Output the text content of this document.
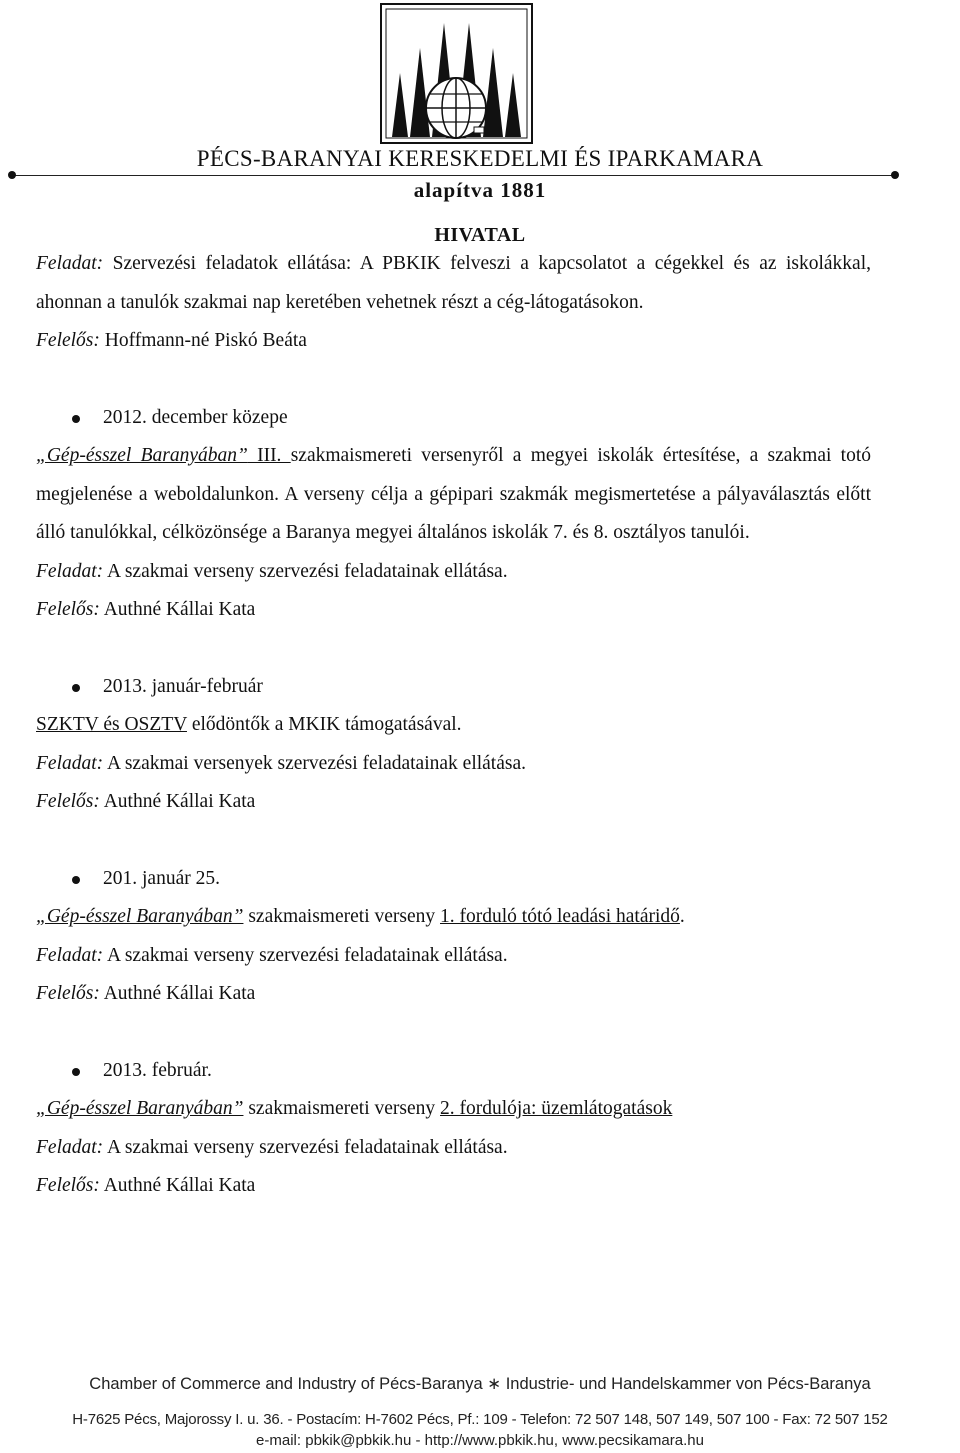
PÉCS-BARANYAI KERESKEDELMI ÉS IPARKAMARA
alapítva 1881
HIVATAL

Feladat: Szervezési feladatok ellátása: A PBKIK felveszi a kapcsolatot a cégekkel és az iskolákkal, ahonnan a tanulók szakmai nap keretében vehetnek részt a cég-látogatásokon.

Felelős: Hoffmann-né Piskó Beáta

2012. december közepe

„Gép-ésszel Baranyában” III. szakmaismereti versenyről a megyei iskolák értesítése, a szakmai totó megjelenése a weboldalunkon. A verseny célja a gépipari szakmák megismertetése a pályaválasztás előtt álló tanulókkal, célközönsége a Baranya megyei általános iskolák 7. és 8. osztályos tanulói.

Feladat: A szakmai verseny szervezési feladatainak ellátása.

Felelős: Authné Kállai Kata

2013. január-február

SZKTV és OSZTV elődöntők a MKIK támogatásával.

Feladat: A szakmai versenyek szervezési feladatainak ellátása.

Felelős: Authné Kállai Kata

201. január 25.

„Gép-ésszel Baranyában” szakmaismereti verseny 1. forduló tótó leadási határidő.

Feladat: A szakmai verseny szervezési feladatainak ellátása.

Felelős: Authné Kállai Kata

2013. február.

„Gép-ésszel Baranyában” szakmaismereti verseny 2. fordulója: üzemlátogatások

Feladat: A szakmai verseny szervezési feladatainak ellátása.

Felelős: Authné Kállai Kata

Chamber of Commerce and Industry of Pécs-Baranya ∗ Industrie- und Handelskammer von Pécs-Baranya
H-7625 Pécs, Majorossy I. u. 36. - Postacím: H-7602 Pécs, Pf.: 109 - Telefon: 72 507 148, 507 149, 507 100 - Fax: 72 507 152
e-mail: pbkik@pbkik.hu - http://www.pbkik.hu, www.pecsikamara.hu
